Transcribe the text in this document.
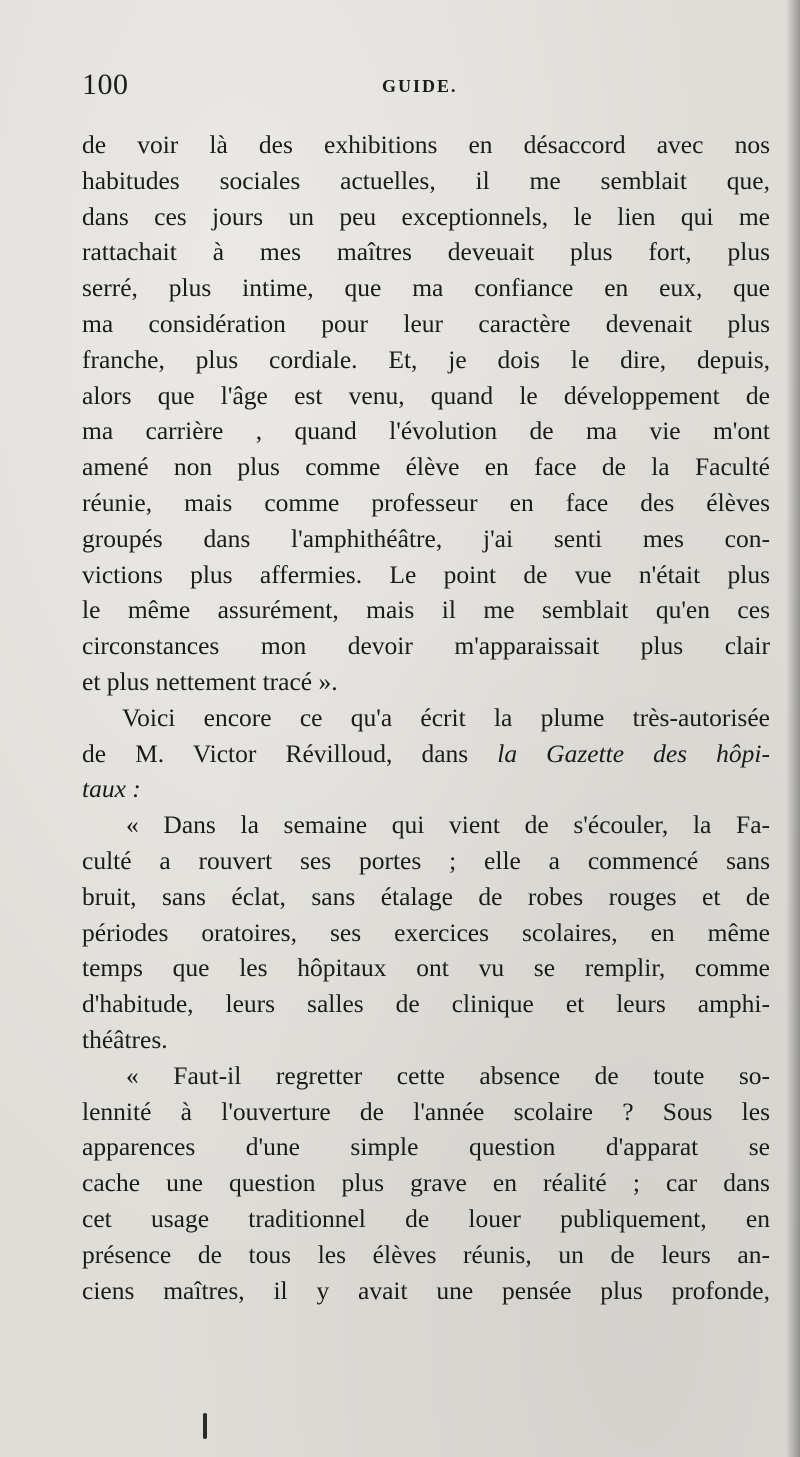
100	GUIDE.
de voir là des exhibitions en désaccord avec nos
habitudes sociales actuelles, il me semblait que,
dans ces jours un peu exceptionnels, le lien qui me
rattachait à mes maîtres deveuait plus fort, plus
serré, plus intime, que ma confiance en eux, que
ma considération pour leur caractère devenait plus
franche, plus cordiale. Et, je dois le dire, depuis,
alors que l'âge est venu, quand le développement de
ma carrière , quand l'évolution de ma vie m'ont
amené non plus comme élève en face de la Faculté
réunie, mais comme professeur en face des élèves
groupés dans l'amphithéâtre, j'ai senti mes con-
victions plus affermies. Le point de vue n'était plus
le même assurément, mais il me semblait qu'en ces
circonstances mon devoir m'apparaissait plus clair
et plus nettement tracé ».
Voici encore ce qu'a écrit la plume très-autorisée
de M. Victor Révilloud, dans la Gazette des hôpi-
taux :
« Dans la semaine qui vient de s'écouler, la Fa-
culté a rouvert ses portes ; elle a commencé sans
bruit, sans éclat, sans étalage de robes rouges et de
périodes oratoires, ses exercices scolaires, en même
temps que les hôpitaux ont vu se remplir, comme
d'habitude, leurs salles de clinique et leurs amphi-
théâtres.
« Faut-il regretter cette absence de toute so-
lennité à l'ouverture de l'année scolaire ? Sous les
apparences d'une simple question d'apparat se
cache une question plus grave en réalité ; car dans
cet usage traditionnel de louer publiquement, en
présence de tous les élèves réunis, un de leurs an-
ciens maîtres, il y avait une pensée plus profonde,
